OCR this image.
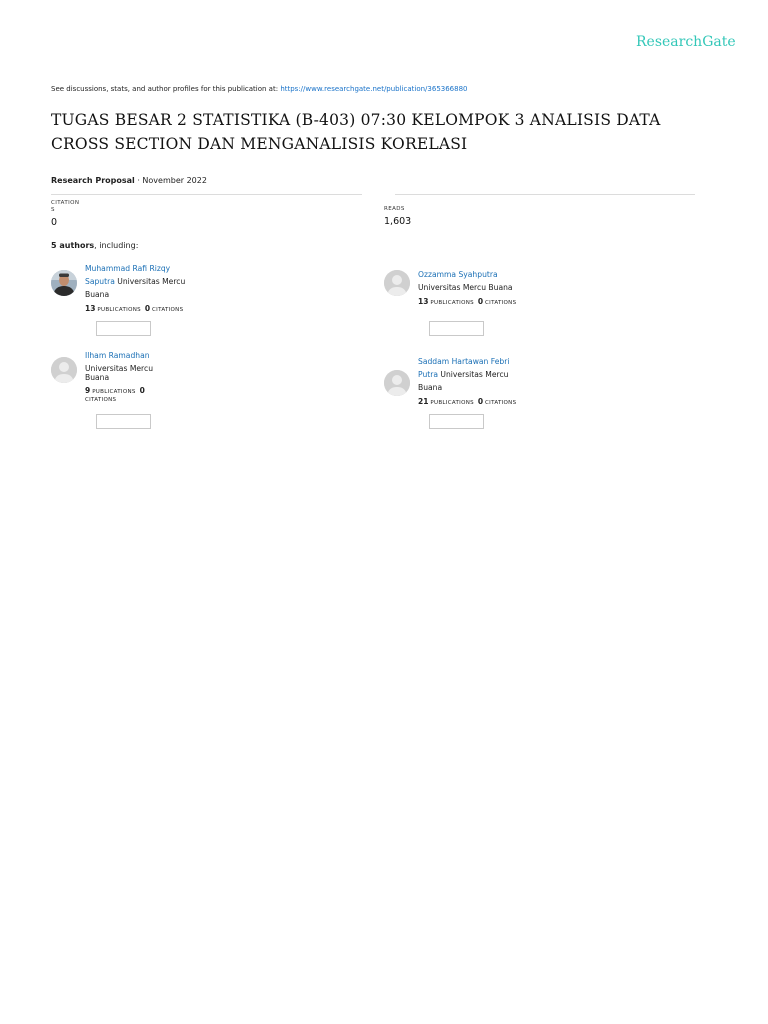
ResearchGate
See discussions, stats, and author profiles for this publication at: https://www.researchgate.net/publication/365366880
TUGAS BESAR 2 STATISTIKA (B-403) 07:30 KELOMPOK 3 ANALISIS DATA CROSS SECTION DAN MENGANALISIS KORELASI
Research Proposal · November 2022
CITATION
S
0
READS
1,603
5 authors, including:
Muhammad Rafi Rizqy
Saputra Universitas Mercu
Buana
13 PUBLICATIONS 0 CITATIONS
Ozzamma Syahputra
Universitas Mercu Buana
13 PUBLICATIONS 0 CITATIONS
Ilham Ramadhan
Universitas Mercu
Buana
9 PUBLICATIONS 0
CITATIONS
Saddam Hartawan Febri
Putra Universitas Mercu
Buana
21 PUBLICATIONS 0 CITATIONS
